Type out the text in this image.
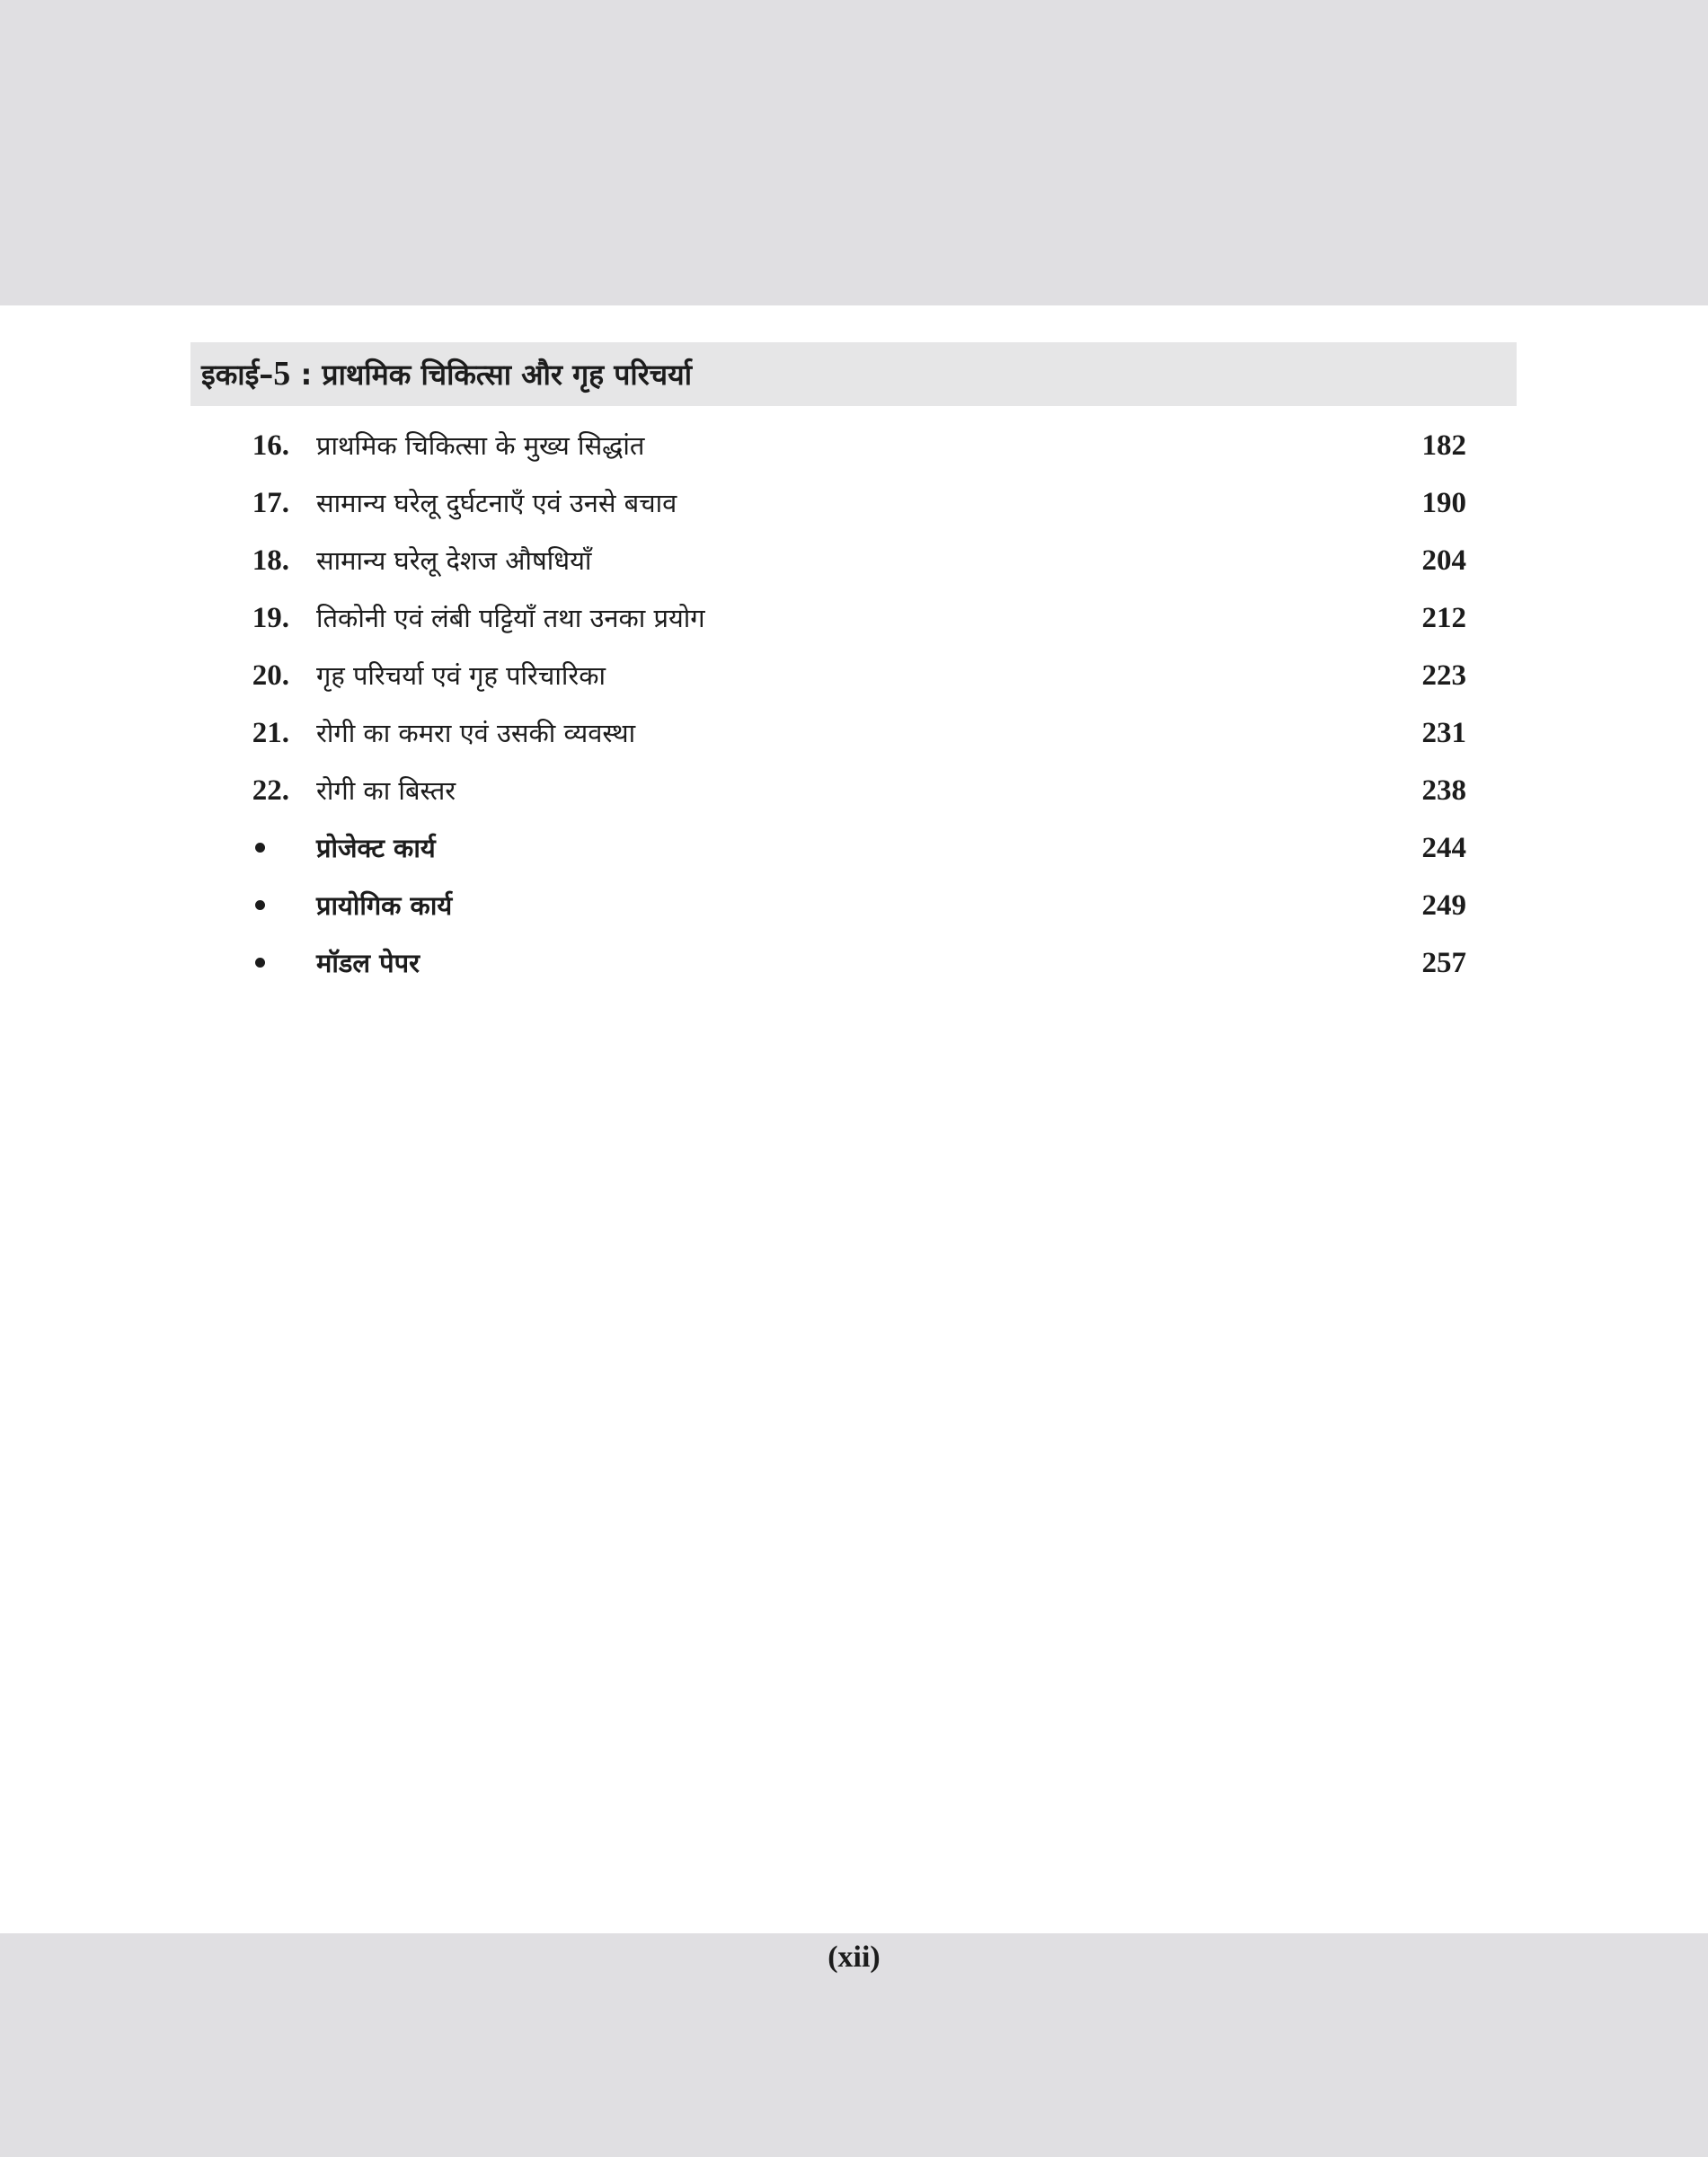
इकाई–5 : प्राथमिक चिकित्सा और गृह परिचर्या
16. प्राथमिक चिकित्सा के मुख्य सिद्धांत	182
17. सामान्य घरेलू दुर्घटनाएँ एवं उनसे बचाव	190
18. सामान्य घरेलू देशज औषधियाँ	204
19. तिकोनी एवं लंबी पट्टियाँ तथा उनका प्रयोग	212
20. गृह परिचर्या एवं गृह परिचारिका	223
21. रोगी का कमरा एवं उसकी व्यवस्था	231
22. रोगी का बिस्तर	238
प्रोजेक्ट कार्य	244
प्रायोगिक कार्य	249
मॉडल पेपर	257
(xii)
